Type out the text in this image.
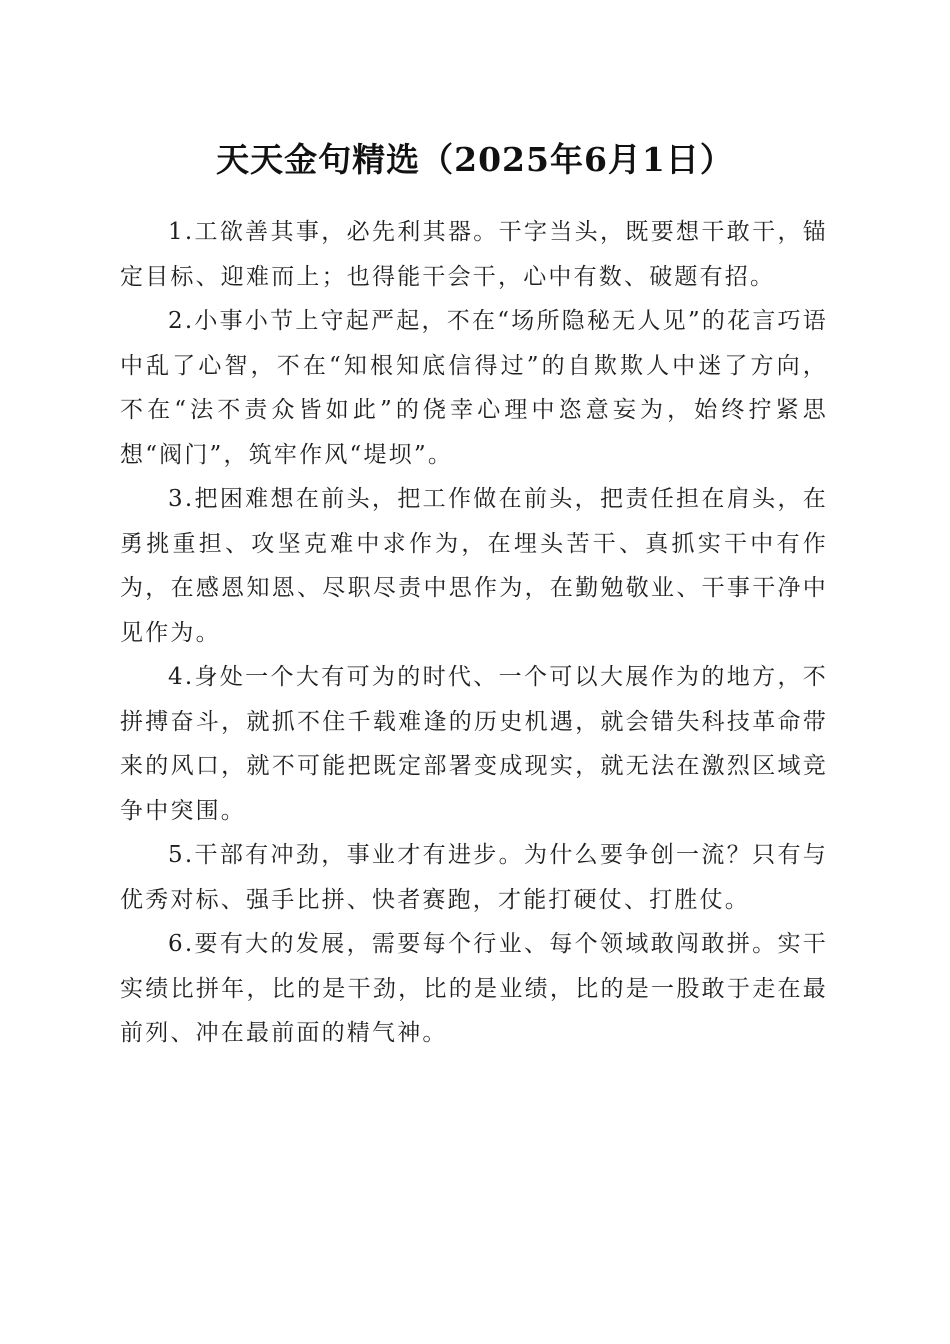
天天金句精选（2025年6月1日）

1.工欲善其事，必先利其器。干字当头，既要想干敢干，锚定目标、迎难而上；也得能干会干，心中有数、破题有招。

2.小事小节上守起严起，不在“场所隐秘无人见”的花言巧语中乱了心智，不在“知根知底信得过”的自欺欺人中迷了方向，不在“法不责众皆如此”的侥幸心理中恣意妄为，始终拧紧思想“阀门”，筑牢作风“堤坝”。

3.把困难想在前头，把工作做在前头，把责任担在肩头，在勇挑重担、攻坚克难中求作为，在埋头苦干、真抓实干中有作为，在感恩知恩、尽职尽责中思作为，在勤勉敬业、干事干净中见作为。

4.身处一个大有可为的时代、一个可以大展作为的地方，不拼搏奋斗，就抓不住千载难逢的历史机遇，就会错失科技革命带来的风口，就不可能把既定部署变成现实，就无法在激烈区域竞争中突围。

5.干部有冲劲，事业才有进步。为什么要争创一流？只有与优秀对标、强手比拼、快者赛跑，才能打硬仗、打胜仗。

6.要有大的发展，需要每个行业、每个领域敢闯敢拼。实干实绩比拼年，比的是干劲，比的是业绩，比的是一股敢于走在最前列、冲在最前面的精气神。
